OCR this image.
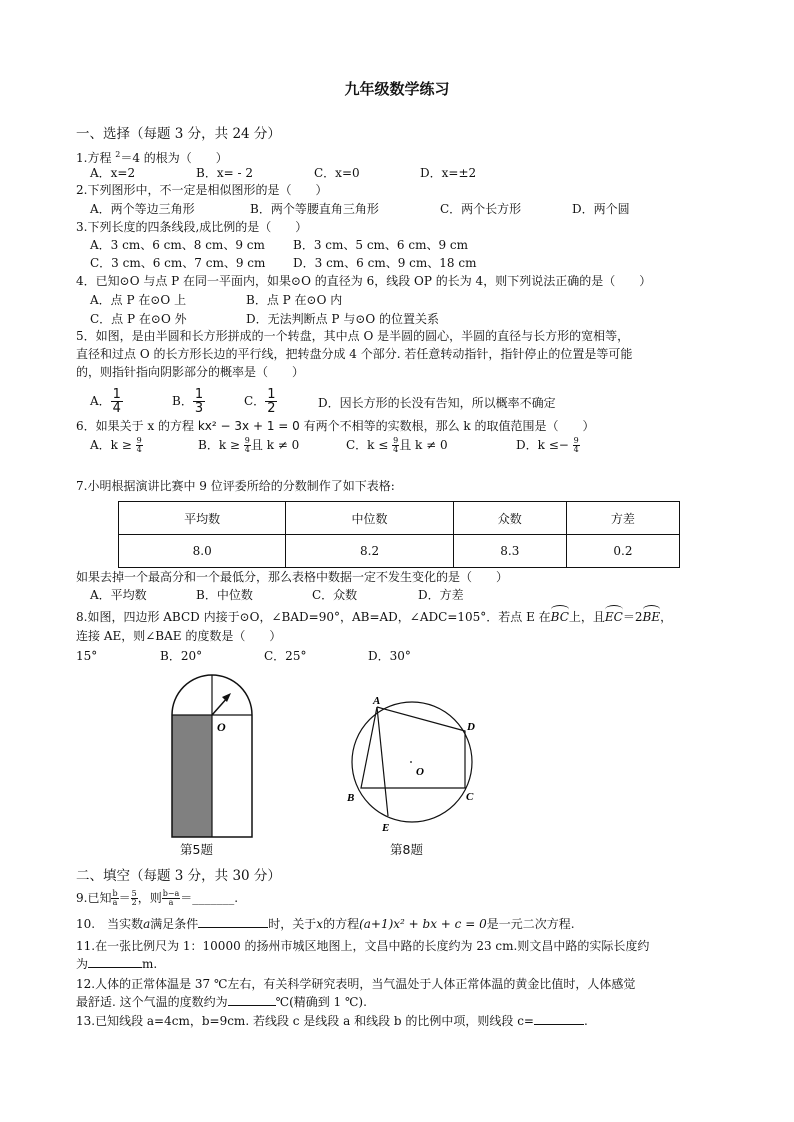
九年级数学练习
一、选择（每题 3 分，共 24 分）
1.方程 $^2$＝4 的根为（　　）
A．x=2	B．x= - 2	C．x=0	D．x=±2
2.下列图形中，不一定是相似图形的是（　　）
A．两个等边三角形	B．两个等腰直角三角形	C．两个长方形	D．两个圆
3.下列长度的四条线段,成比例的是（　　）
A．3 cm、6 cm、8 cm、9 cm B．3 cm、5 cm、6 cm、9 cm
C．3 cm、6 cm、7 cm、9 cm D．3 cm、6 cm、9 cm、18 cm
4．已知⊙O 与点 P 在同一平面内，如果⊙O 的直径为 6，线段 OP 的长为 4，则下列说法正确的是（　　）
A．点 P 在⊙O 上	B．点 P 在⊙O 内
C．点 P 在⊙O 外	D．无法判断点 P 与⊙O 的位置关系
5．如图，是由半圆和长方形拼成的一个转盘，其中点 O 是半圆的圆心，半圆的直径与长方形的宽相等，
直径和过点 O 的长方形长边的平行线，把转盘分成 4 个部分. 若任意转动指针，指针停止的位置是等可能
的，则指针指向阴影部分的概率是（　　）
A． $\frac{1}{4}$	B． $\frac{1}{3}$	C． $\frac{1}{2}$	D．因长方形的长没有告知，所以概率不确定
6．如果关于 x 的方程 kx² − 3x + 1 = 0 有两个不相等的实数根，那么 k 的取值范围是（　　）
A．$k \ge \frac{9}{4}$	B．$k \ge \frac{9}{4}$ 且 k ≠ 0	C．$k \le \frac{9}{4}$ 且 k ≠ 0	D．$k \le- \frac{9}{4}$
7.小明根据演讲比赛中 9 位评委所给的分数制作了如下表格:
平均数	中位数	众数	方差
8.0	8.2	8.3	0.2
如果去掉一个最高分和一个最低分，那么表格中数据一定不发生变化的是（　　）
A．平均数	B．中位数	C．众数	D．方差
8.如图，四边形 ABCD 内接于⊙O，∠BAD=90°，AB=AD，∠ADC=105°．若点 E 在BC上，且EC＝2BE，
连接 AE，则∠BAE 的度数是（　　）
15°	B．20°	C．25°	D．30°
O
第5题
A
D
B	C
E
O
第8题
二、填空（每题 3 分，共 30 分）
9.已知 $\frac{b}{a} = \frac{5}{2}$ ，则 $\frac{b-a}{a}$ ＝_______.
10.　当实数a满足条件	时，关于x的方程(a+1)x² + bx + c = 0是一元二次方程.
11.在一张比例尺为 1：10000 的扬州市城区地图上，文昌中路的长度约为 23 cm.则文昌中路的实际长度约
为	m.
12.人体的正常体温是 37 ℃左右，有关科学研究表明，当气温处于人体正常体温的黄金比值时，人体感觉
最舒适. 这个气温的度数约为	℃(精确到 1 ℃).
13.已知线段 a=4cm，b=9cm. 若线段 c 是线段 a 和线段 b 的比例中项，则线段 c=	.
